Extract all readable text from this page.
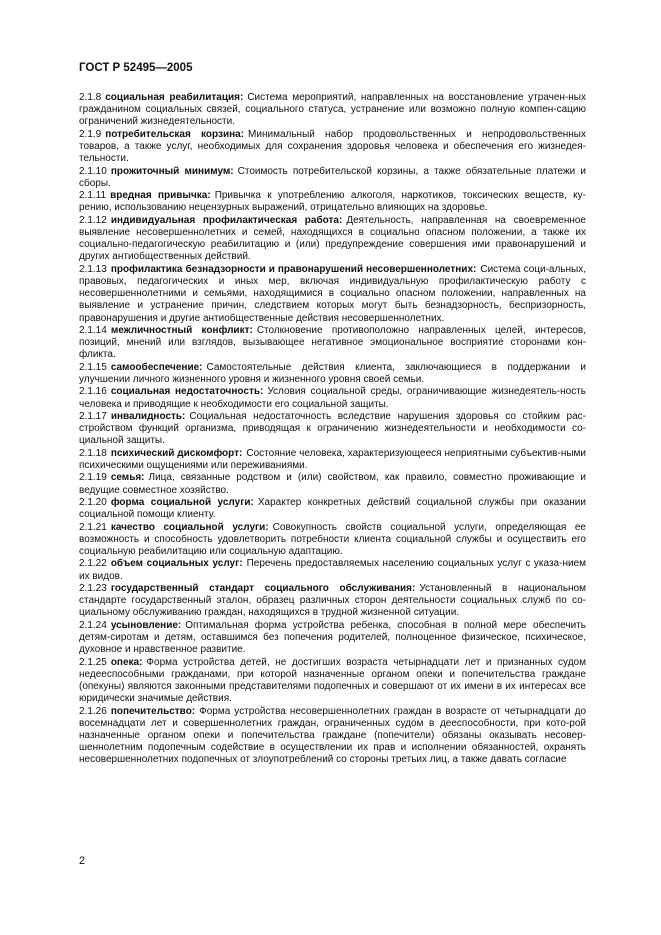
ГОСТ Р 52495—2005

2.1.8 социальная реабилитация: Система мероприятий, направленных на восстановление утрачен-ных гражданином социальных связей, социального статуса, устранение или возможно полную компен-сацию ограничений жизнедеятельности.

2.1.9 потребительская корзина: Минимальный набор продовольственных и непродовольственных товаров, а также услуг, необходимых для сохранения здоровья человека и обеспечения его жизнедея-тельности.

2.1.10 прожиточный минимум: Стоимость потребительской корзины, а также обязательные платежи и сборы.

2.1.11 вредная привычка: Привычка к употреблению алкоголя, наркотиков, токсических веществ, ку-рению, использованию нецензурных выражений, отрицательно влияющих на здоровье.

2.1.12 индивидуальная профилактическая работа: Деятельность, направленная на своевременное выявление несовершеннолетних и семей, находящихся в социально опасном положении, а также их социально-педагогическую реабилитацию и (или) предупреждение совершения ими правонарушений и других антиобщественных действий.

2.1.13 профилактика безнадзорности и правонарушений несовершеннолетних: Система соци-альных, правовых, педагогических и иных мер, включая индивидуальную профилактическую работу с несовершеннолетними и семьями, находящимися в социально опасном положении, направленных на выявление и устранение причин, следствием которых могут быть безнадзорность, беспризорность, правонарушения и другие антиобщественные действия несовершеннолетних.

2.1.14 межличностный конфликт: Столкновение противоположно направленных целей, интересов, позиций, мнений или взглядов, вызывающее негативное эмоциональное восприятие сторонами кон-фликта.

2.1.15 самообеспечение: Самостоятельные действия клиента, заключающиеся в поддержании и улучшении личного жизненного уровня и жизненного уровня своей семьи.

2.1.16 социальная недостаточность: Условия социальной среды, ограничивающие жизнедеятель-ность человека и приводящие к необходимости его социальной защиты.

2.1.17 инвалидность: Социальная недостаточность вследствие нарушения здоровья со стойким рас-стройством функций организма, приводящая к ограничению жизнедеятельности и необходимости со-циальной защиты.

2.1.18 психический дискомфорт: Состояние человека, характеризующееся неприятными субъектив-ными психическими ощущениями или переживаниями.

2.1.19 семья: Лица, связанные родством и (или) свойством, как правило, совместно проживающие и ведущие совместное хозяйство.

2.1.20 форма социальной услуги: Характер конкретных действий социальной службы при оказании социальной помощи клиенту.

2.1.21 качество социальной услуги: Совокупность свойств социальной услуги, определяющая ее возможность и способность удовлетворить потребности клиента социальной службы и осуществить его социальную реабилитацию или социальную адаптацию.

2.1.22 объем социальных услуг: Перечень предоставляемых населению социальных услуг с указа-нием их видов.

2.1.23 государственный стандарт социального обслуживания: Установленный в национальном стандарте государственный эталон, образец различных сторон деятельности социальных служб по со-циальному обслуживанию граждан, находящихся в трудной жизненной ситуации.

2.1.24 усыновление: Оптимальная форма устройства ребенка, способная в полной мере обеспечить детям-сиротам и детям, оставшимся без попечения родителей, полноценное физическое, психическое, духовное и нравственное развитие.

2.1.25 опека: Форма устройства детей, не достигших возраста четырнадцати лет и признанных судом недееспособными гражданами, при которой назначенные органом опеки и попечительства граждане (опекуны) являются законными представителями подопечных и совершают от их имени в их интересах все юридически значимые действия.

2.1.26 попечительство: Форма устройства несовершеннолетних граждан в возрасте от четырнадцати до восемнадцати лет и совершеннолетних граждан, ограниченных судом в дееспособности, при кото-рой назначенные органом опеки и попечительства граждане (попечители) обязаны оказывать несовер-шеннолетним подопечным содействие в осуществлении их прав и исполнении обязанностей, охранять несовершеннолетних подопечных от злоупотреблений со стороны третьих лиц, а также давать согласие

2
